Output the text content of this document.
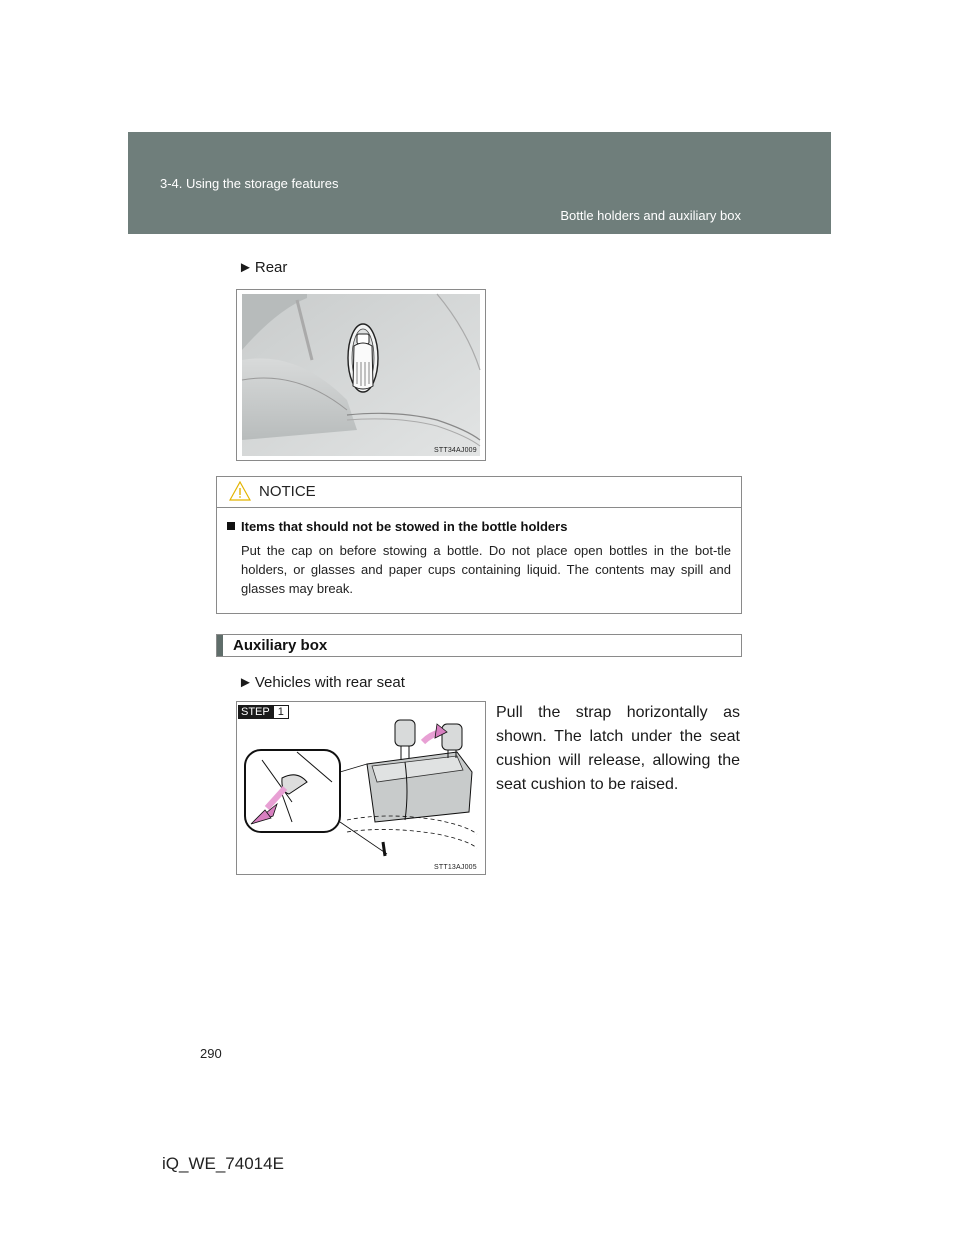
3-4. Using the storage features
Bottle holders and auxiliary box
► Rear
STT34AJ009
NOTICE
Items that should not be stowed in the bottle holders
Put the cap on before stowing a bottle. Do not place open bottles in the bot-tle holders, or glasses and paper cups containing liquid. The contents may spill and glasses may break.
Auxiliary box
► Vehicles with rear seat
STEP 1
STT13AJ005
Pull the strap horizontally as shown. The latch under the seat cushion will release, allowing the seat cushion to be raised.
290
iQ_WE_74014E
